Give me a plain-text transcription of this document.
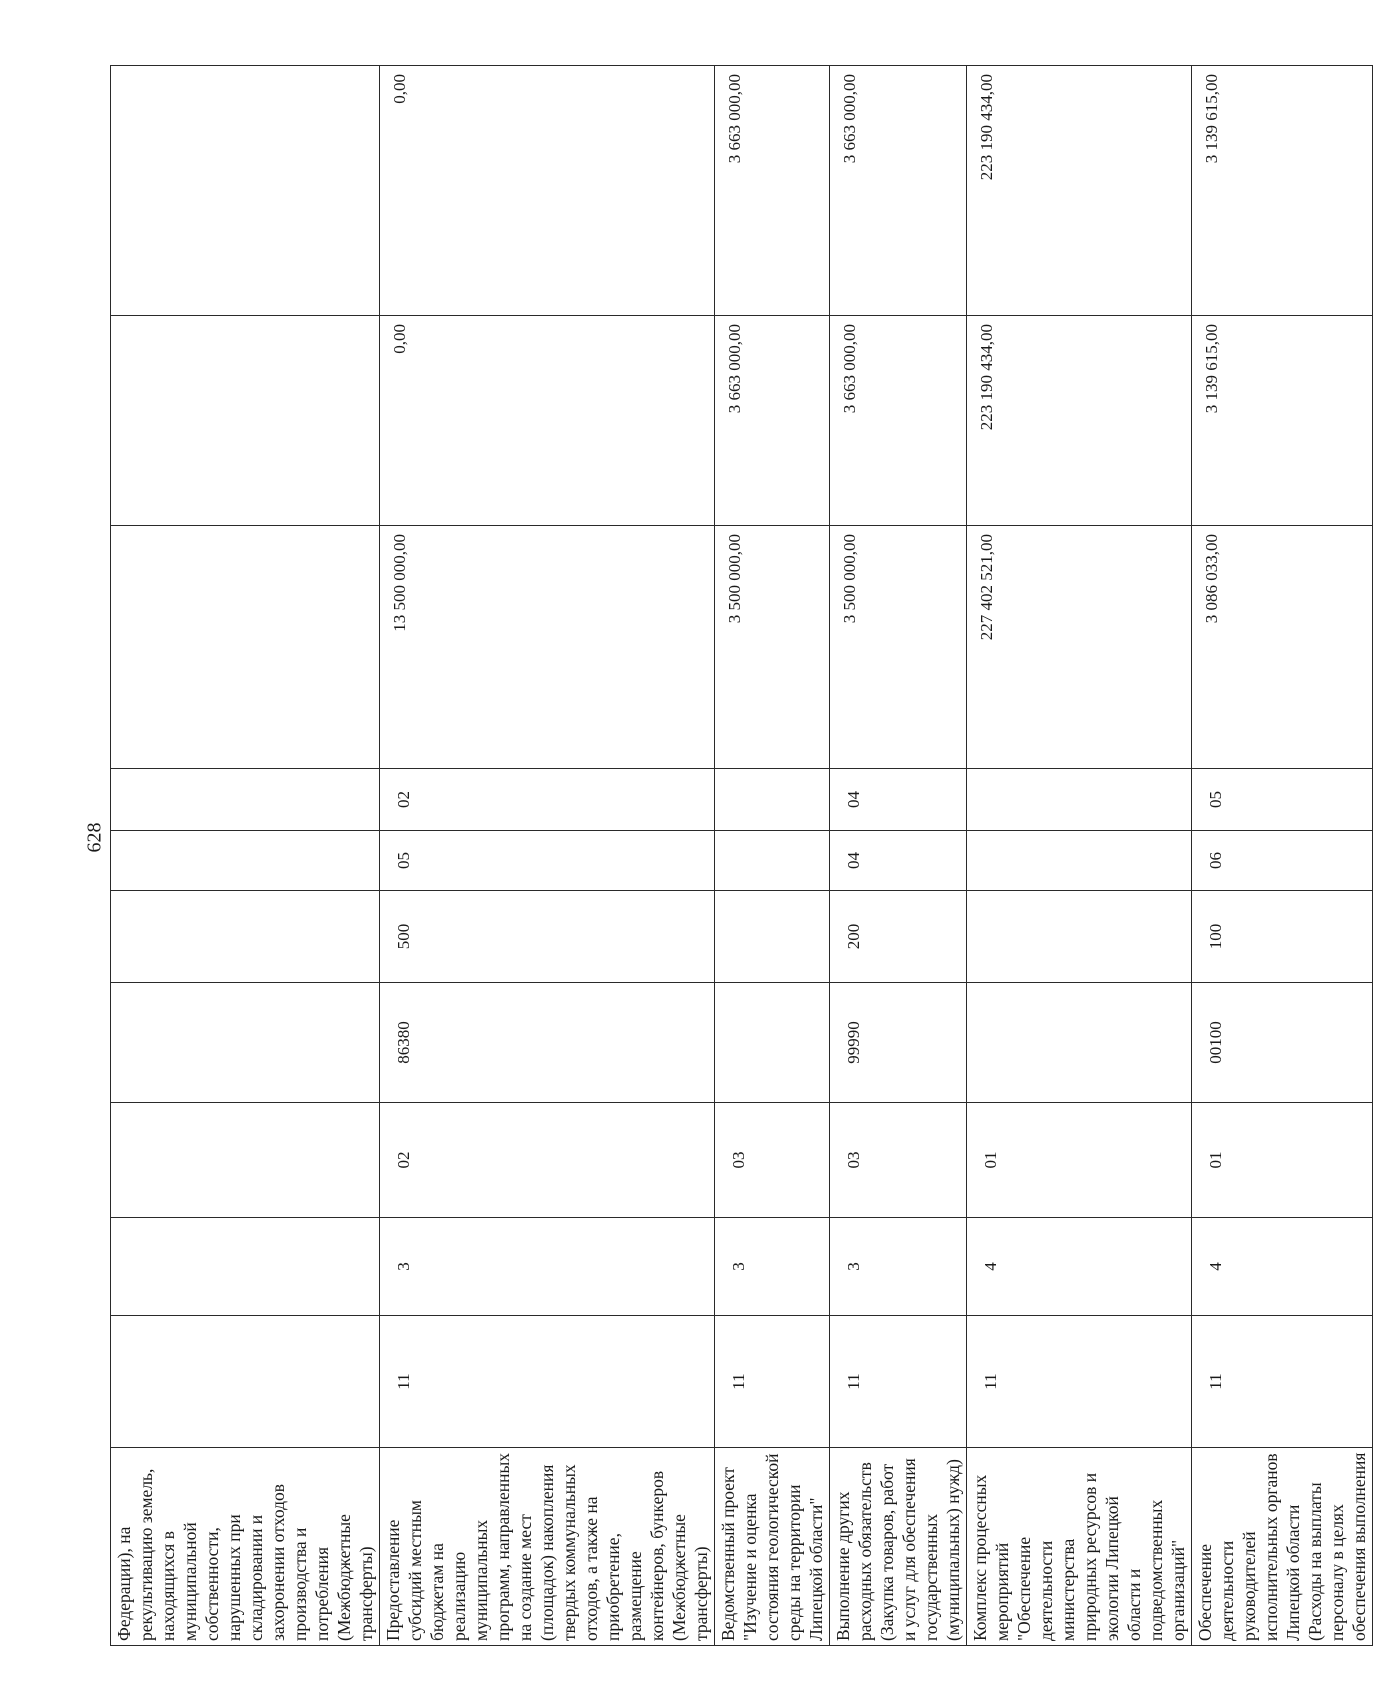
628
Федерации), на рекультивацию земель, находящихся в муниципальной собственности, нарушенных при складировании и захоронении отходов производства и потребления (Межбюджетные трансферты)										
Предоставление субсидий местным бюджетам на реализацию муниципальных программ, направленных на создание мест (площадок) накопления твердых коммунальных отходов, а также на приобретение, размещение контейнеров, бункеров (Межбюджетные трансферты)	11	3	02	86380	500	05	02	13 500 000,00	0,00	0,00
Ведомственный проект "Изучение и оценка состояния геологической среды на территории Липецкой области"	11	3	03					3 500 000,00	3 663 000,00	3 663 000,00
Выполнение других расходных обязательств (Закупка товаров, работ и услуг для обеспечения государственных (муниципальных) нужд)	11	3	03	99990	200	04	04	3 500 000,00	3 663 000,00	3 663 000,00
Комплекс процессных мероприятий "Обеспечение деятельности министерства природных ресурсов и экологии Липецкой области и подведомственных организаций"	11	4	01					227 402 521,00	223 190 434,00	223 190 434,00
Обеспечение деятельности руководителей исполнительных органов Липецкой области (Расходы на выплаты персоналу в целях обеспечения выполнения	11	4	01	00100	100	06	05	3 086 033,00	3 139 615,00	3 139 615,00
